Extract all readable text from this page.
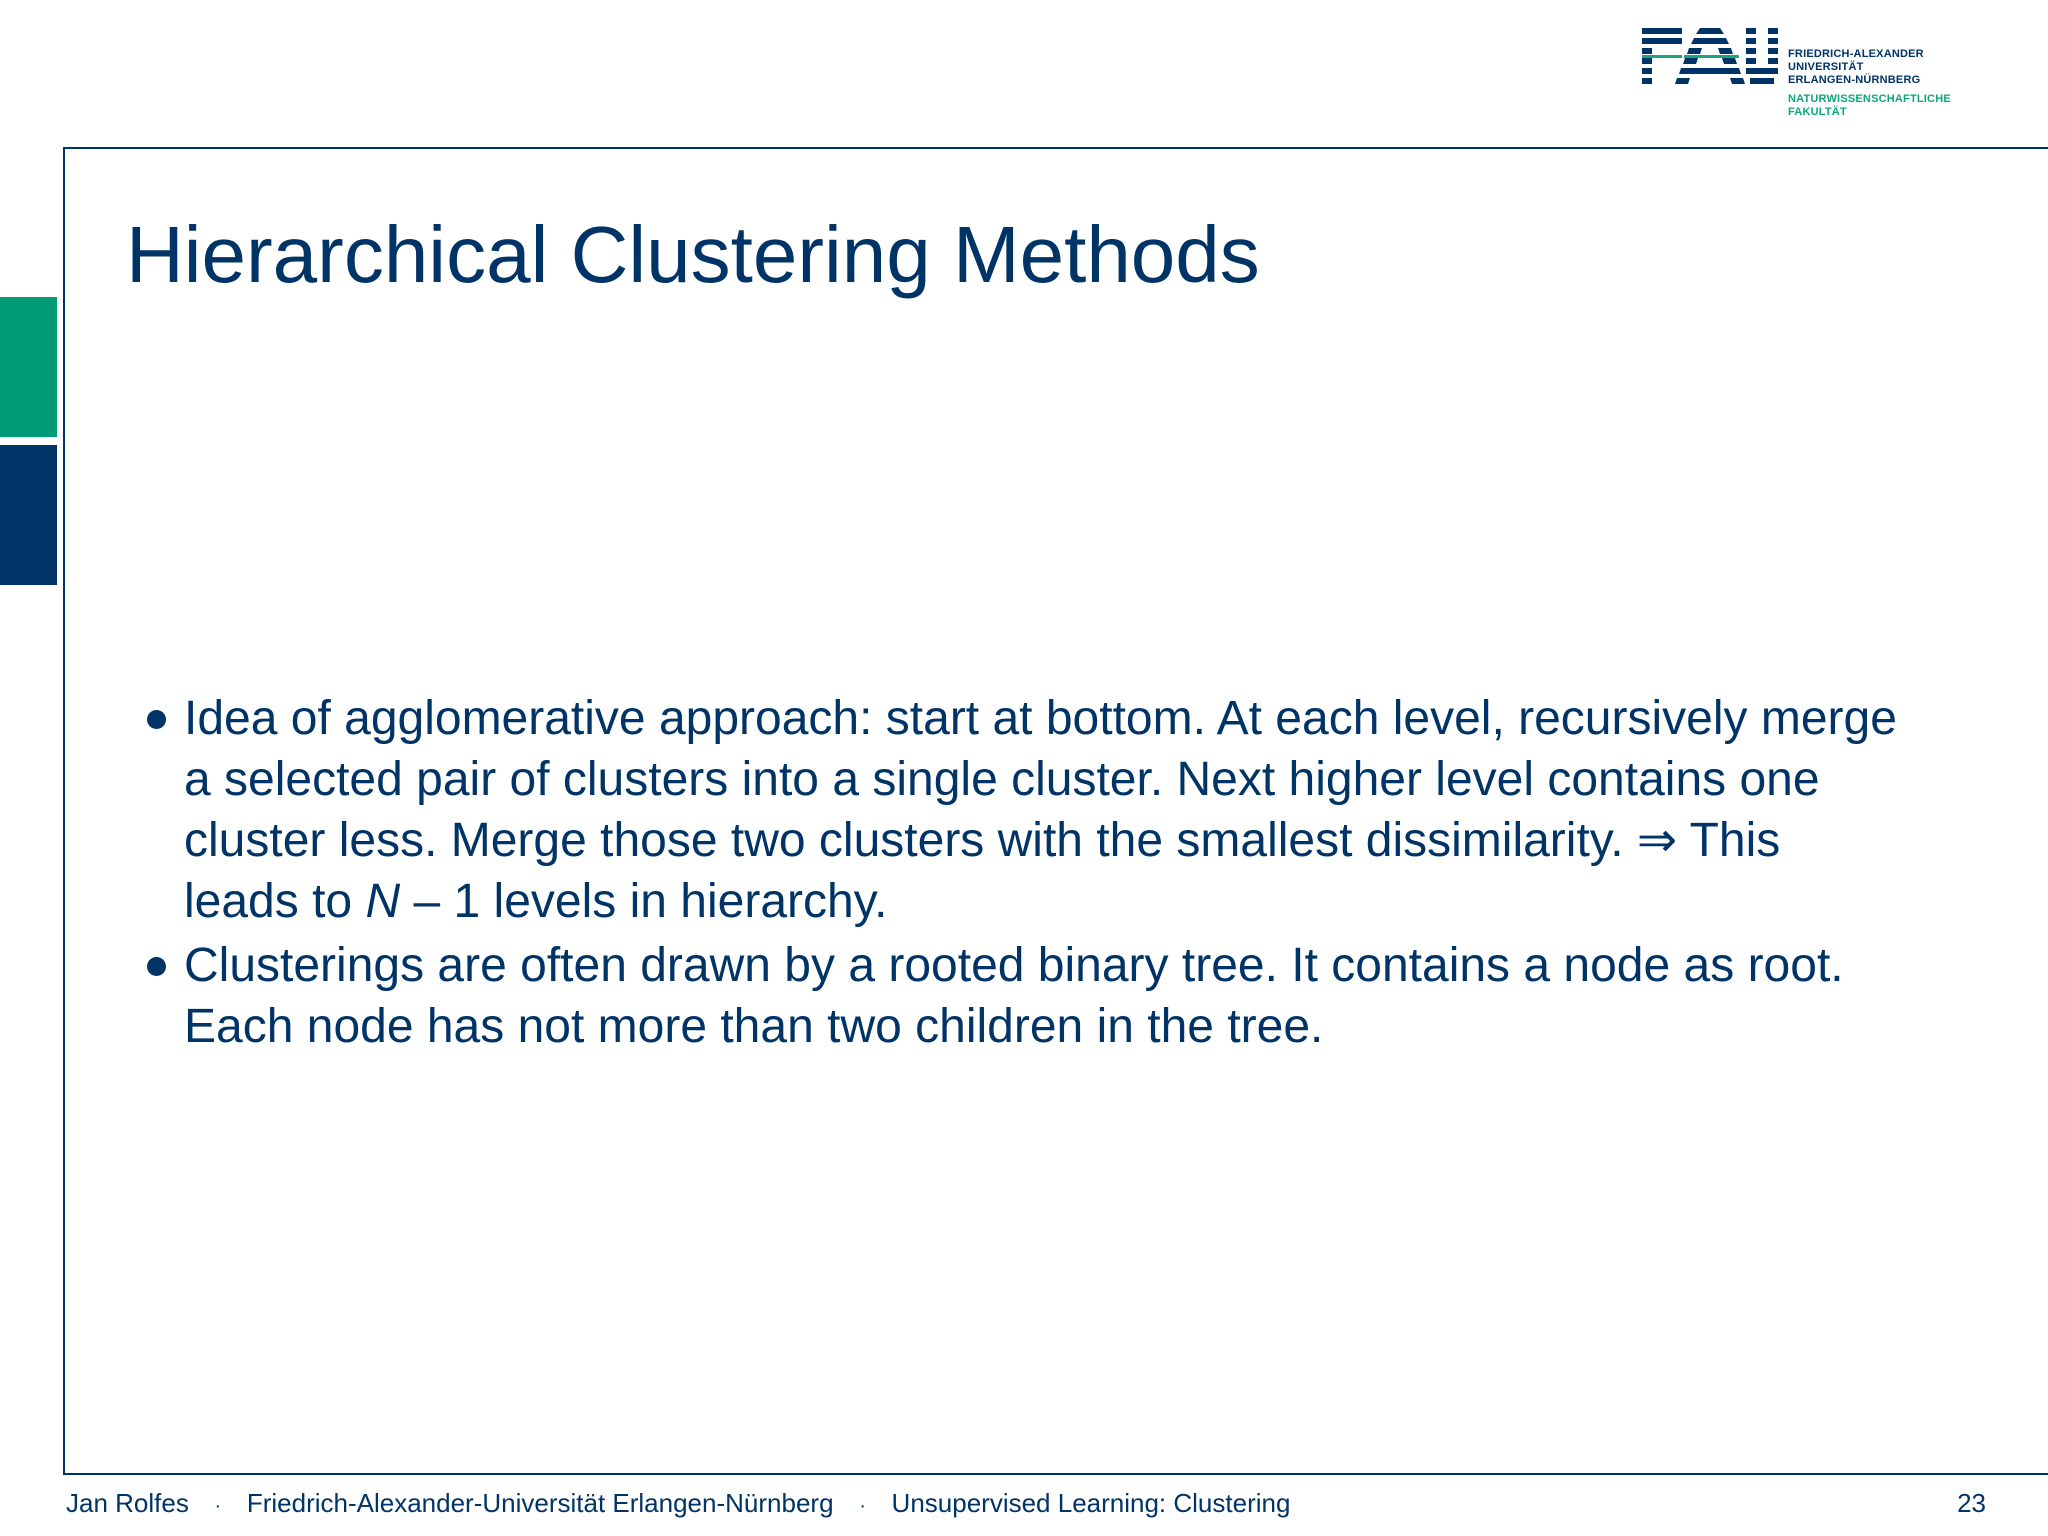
FRIEDRICH-ALEXANDER
UNIVERSITÄT
ERLANGEN-NÜRNBERG
NATURWISSENSCHAFTLICHE
FAKULTÄT
Hierarchical Clustering Methods
Idea of agglomerative approach: start at bottom. At each level, recursively merge a selected pair of clusters into a single cluster. Next higher level contains one cluster less. Merge those two clusters with the smallest dissimilarity. ⇒ This leads to N – 1 levels in hierarchy.
Clusterings are often drawn by a rooted binary tree. It contains a node as root. Each node has not more than two children in the tree.
Jan Rolfes · Friedrich-Alexander-Universität Erlangen-Nürnberg · Unsupervised Learning: Clustering	23
